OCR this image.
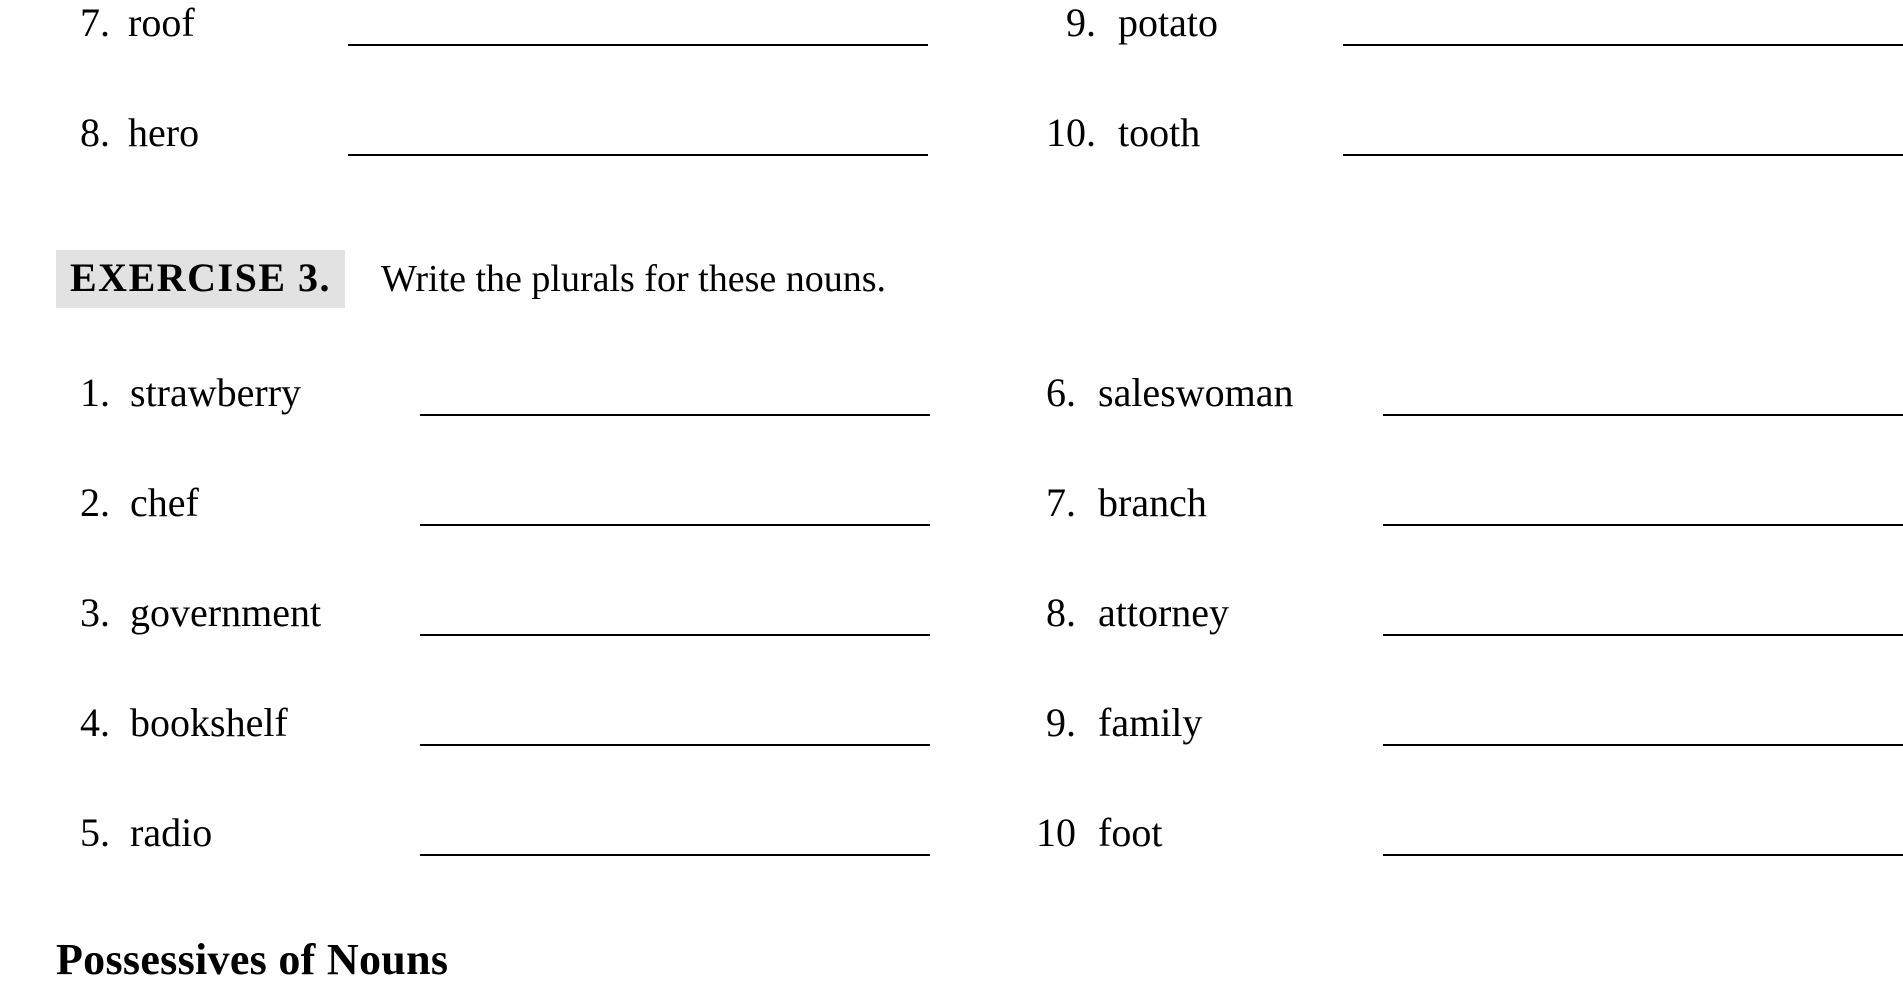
7. roof	9. potato
8. hero	10. tooth
EXERCISE 3.	Write the plurals for these nouns.
1. strawberry	6. saleswoman
2. chef	7. branch
3. government	8. attorney
4. bookshelf	9. family
5. radio	10 foot
Possessives of Nouns
